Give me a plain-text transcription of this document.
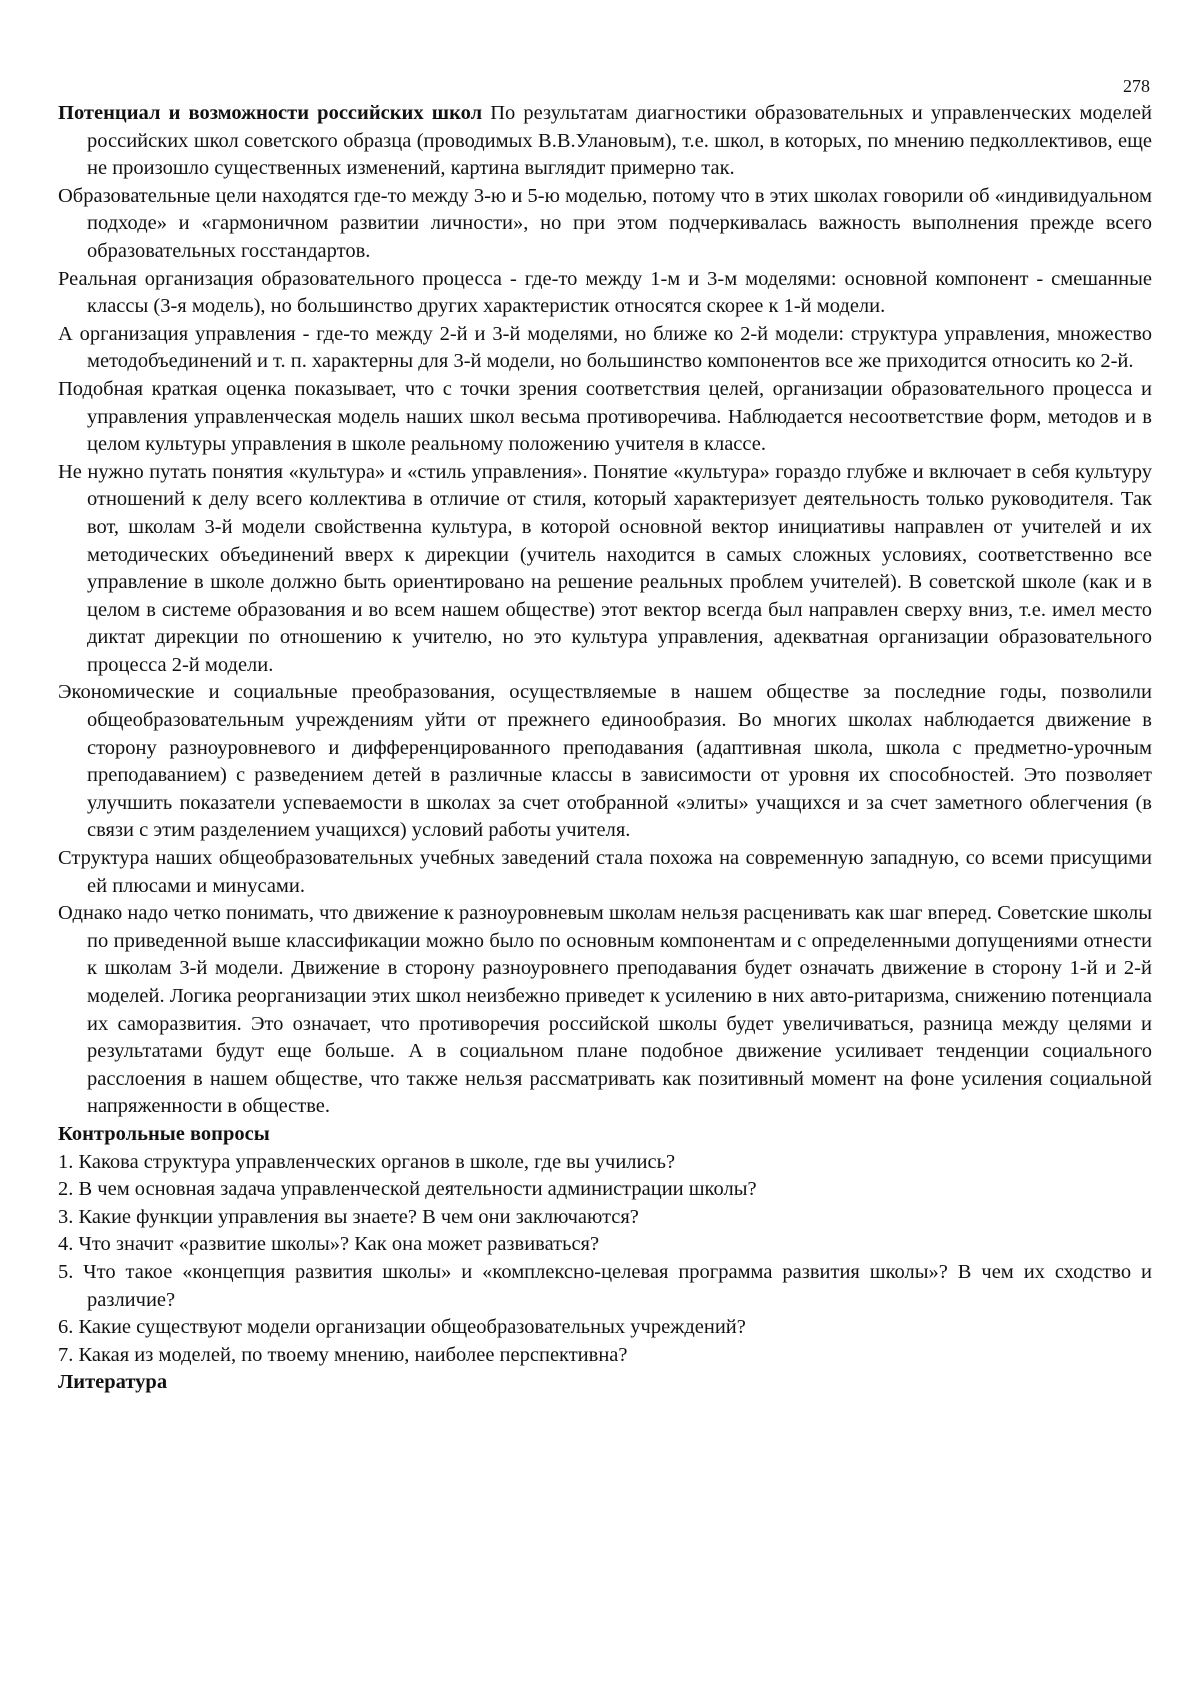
278

Потенциал и возможности российских школ По результатам диагностики образовательных и управленческих моделей российских школ советского образца (проводимых В.В.Улановым), т.е. школ, в которых, по мнению педколлективов, еще не произошло существенных изменений, картина выглядит примерно так.

Образовательные цели находятся где-то между 3-ю и 5-ю моделью, потому что в этих школах говорили об «индивидуальном подходе» и «гармоничном развитии личности», но при этом подчеркивалась важность выполнения прежде всего образовательных госстандартов.

Реальная организация образовательного процесса - где-то между 1-м и 3-м моделями: основной компонент - смешанные классы (3-я модель), но большинство других характеристик относятся скорее к 1-й модели.

А организация управления - где-то между 2-й и 3-й моделями, но ближе ко 2-й модели: структура управления, множество методобъединений и т. п. характерны для 3-й модели, но большинство компонентов все же приходится относить ко 2-й.

Подобная краткая оценка показывает, что с точки зрения соответствия целей, организации образовательного процесса и управления управленческая модель наших школ весьма противоречива. Наблюдается несоответствие форм, методов и в целом культуры управления в школе реальному положению учителя в классе.

Не нужно путать понятия «культура» и «стиль управления». Понятие «культура» гораздо глубже и включает в себя культуру отношений к делу всего коллектива в отличие от стиля, который характеризует деятельность только руководителя. Так вот, школам 3-й модели свойственна культура, в которой основной вектор инициативы направлен от учителей и их методических объединений вверх к дирекции (учитель находится в самых сложных условиях, соответственно все управление в школе должно быть ориентировано на решение реальных проблем учителей). В советской школе (как и в целом в системе образования и во всем нашем обществе) этот вектор всегда был направлен сверху вниз, т.е. имел место диктат дирекции по отношению к учителю, но это культура управления, адекватная организации образовательного процесса 2-й модели.

Экономические и социальные преобразования, осуществляемые в нашем обществе за последние годы, позволили общеобразовательным учреждениям уйти от прежнего единообразия. Во многих школах наблюдается движение в сторону разноуровневого и дифференцированного преподавания (адаптивная школа, школа с предметно-урочным преподаванием) с разведением детей в различные классы в зависимости от уровня их способностей. Это позволяет улучшить показатели успеваемости в школах за счет отобранной «элиты» учащихся и за счет заметного облегчения (в связи с этим разделением учащихся) условий работы учителя.

Структура наших общеобразовательных учебных заведений стала похожа на современную западную, со всеми присущими ей плюсами и минусами.

Однако надо четко понимать, что движение к разноуровневым школам нельзя расценивать как шаг вперед. Советские школы по приведенной выше классификации можно было по основным компонентам и с определенными допущениями отнести к школам 3-й модели. Движение в сторону разноуровнего преподавания будет означать движение в сторону 1-й и 2-й моделей. Логика реорганизации этих школ неизбежно приведет к усилению в них авто-ритаризма, снижению потенциала их саморазвития. Это означает, что противоречия российской школы будет увеличиваться, разница между целями и результатами будут еще больше. А в социальном плане подобное движение усиливает тенденции социального расслоения в нашем обществе, что также нельзя рассматривать как позитивный момент на фоне усиления социальной напряженности в обществе.

Контрольные вопросы

1. Какова структура управленческих органов в школе, где вы учились?

2. В чем основная задача управленческой деятельности администрации школы?

3. Какие функции управления вы знаете? В чем они заключаются?

4. Что значит «развитие школы»? Как она может развиваться?

5. Что такое «концепция развития школы» и «комплексно-целевая программа развития школы»? В чем их сходство и различие?

6. Какие существуют модели организации общеобразовательных учреждений?

7. Какая из моделей, по твоему мнению, наиболее перспективна?

Литература
